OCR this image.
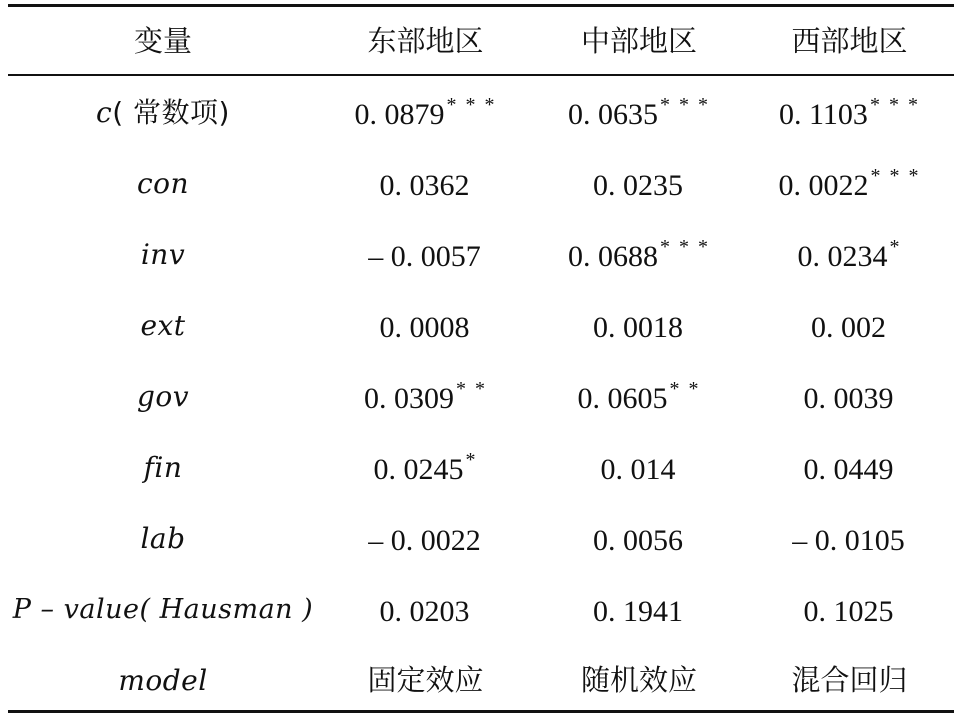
变量	东部地区	中部地区	西部地区
c( 常数项)	0. 0879 * * *	0. 0635 * * *	0. 1103 * * *
con	0. 0362	0. 0235	0. 0022 * * *
inv	– 0. 0057	0. 0688 * * *	0. 0234 *
ext	0. 0008	0. 0018	0. 002
gov	0. 0309 * *	0. 0605 * *	0. 0039
fin	0. 0245 *	0. 014	0. 0449
lab	– 0. 0022	0. 0056	– 0. 0105
P – value( Hausman )	0. 0203	0. 1941	0. 1025
model	固定效应	随机效应	混合回归
